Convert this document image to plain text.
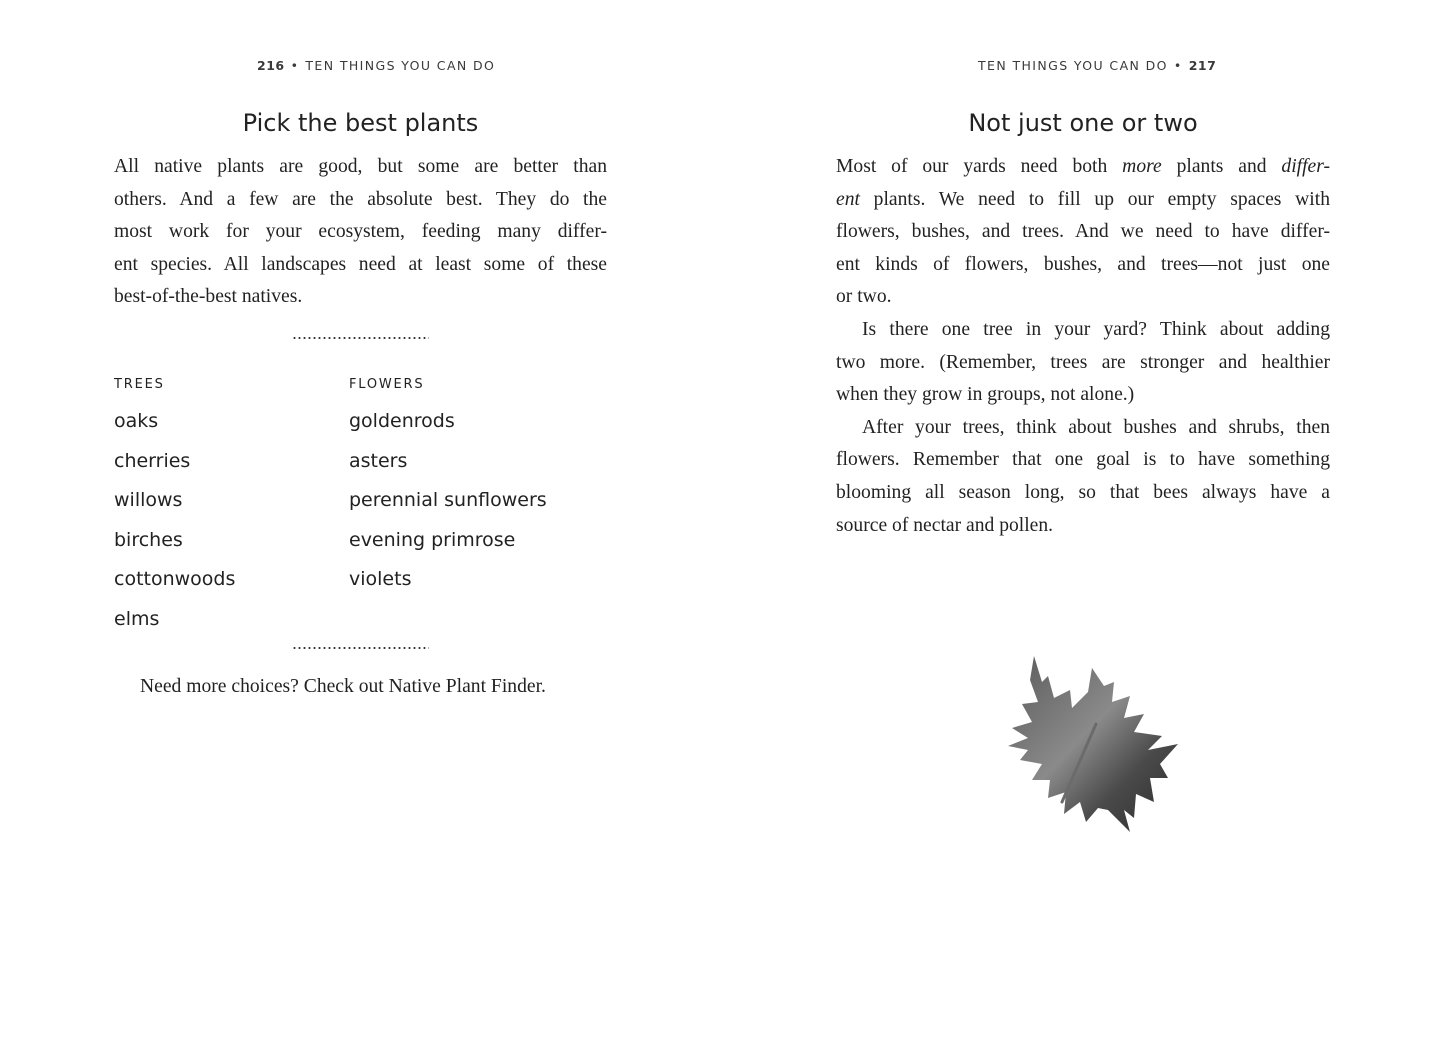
216 • TEN THINGS YOU CAN DO
Pick the best plants
All native plants are good, but some are better than
others. And a few are the absolute best. They do the
most work for your ecosystem, feeding many differ-
ent species. All landscapes need at least some of these
best-of-the-best natives.
TREES	FLOWERS
oaks
cherries
willows
birches
cottonwoods
elms
goldenrods
asters
perennial sunflowers
evening primrose
violets
Need more choices? Check out Native Plant Finder.
TEN THINGS YOU CAN DO • 217
Not just one or two
Most of our yards need both more plants and differ-
ent plants. We need to fill up our empty spaces with
flowers, bushes, and trees. And we need to have differ-
ent kinds of flowers, bushes, and trees—not just one
or two.
Is there one tree in your yard? Think about adding
two more. (Remember, trees are stronger and healthier
when they grow in groups, not alone.)
After your trees, think about bushes and shrubs, then
flowers. Remember that one goal is to have something
blooming all season long, so that bees always have a
source of nectar and pollen.
